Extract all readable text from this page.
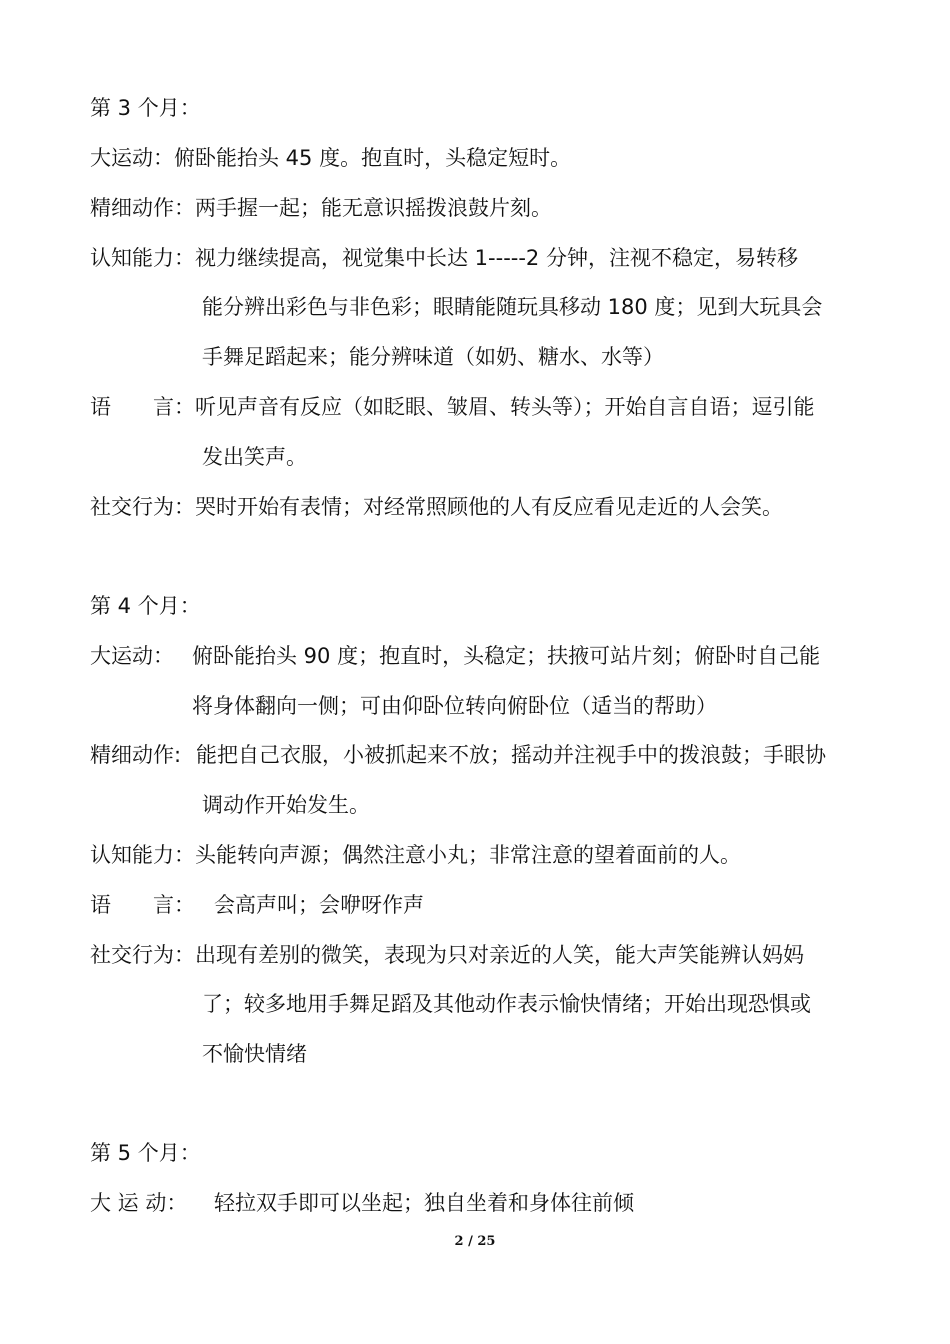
第 3 个月：
大运动：俯卧能抬头 45 度。抱直时，头稳定短时。
精细动作：两手握一起；能无意识摇拨浪鼓片刻。
认知能力：视力继续提高，视觉集中长达 1-----2 分钟，注视不稳定，易转移
能分辨出彩色与非色彩；眼睛能随玩具移动 180 度；见到大玩具会
手舞足蹈起来；能分辨味道（如奶、糖水、水等）
语　　言：听见声音有反应（如眨眼、皱眉、转头等）；开始自言自语；逗引能
发出笑声。
社交行为：哭时开始有表情；对经常照顾他的人有反应看见走近的人会笑。
第 4 个月：
大运动： 俯卧能抬头 90 度；抱直时，头稳定；扶掖可站片刻；俯卧时自己能
将身体翻向一侧；可由仰卧位转向俯卧位（适当的帮助）
精细动作: 能把自己衣服，小被抓起来不放；摇动并注视手中的拨浪鼓；手眼协
调动作开始发生。
认知能力：头能转向声源；偶然注意小丸；非常注意的望着面前的人。
语　　言： 会高声叫；会咿呀作声
社交行为：出现有差别的微笑，表现为只对亲近的人笑，能大声笑能辨认妈妈
了；较多地用手舞足蹈及其他动作表示愉快情绪；开始出现恐惧或
不愉快情绪
第 5 个月：
大 运 动： 轻拉双手即可以坐起；独自坐着和身体往前倾
2 / 25
